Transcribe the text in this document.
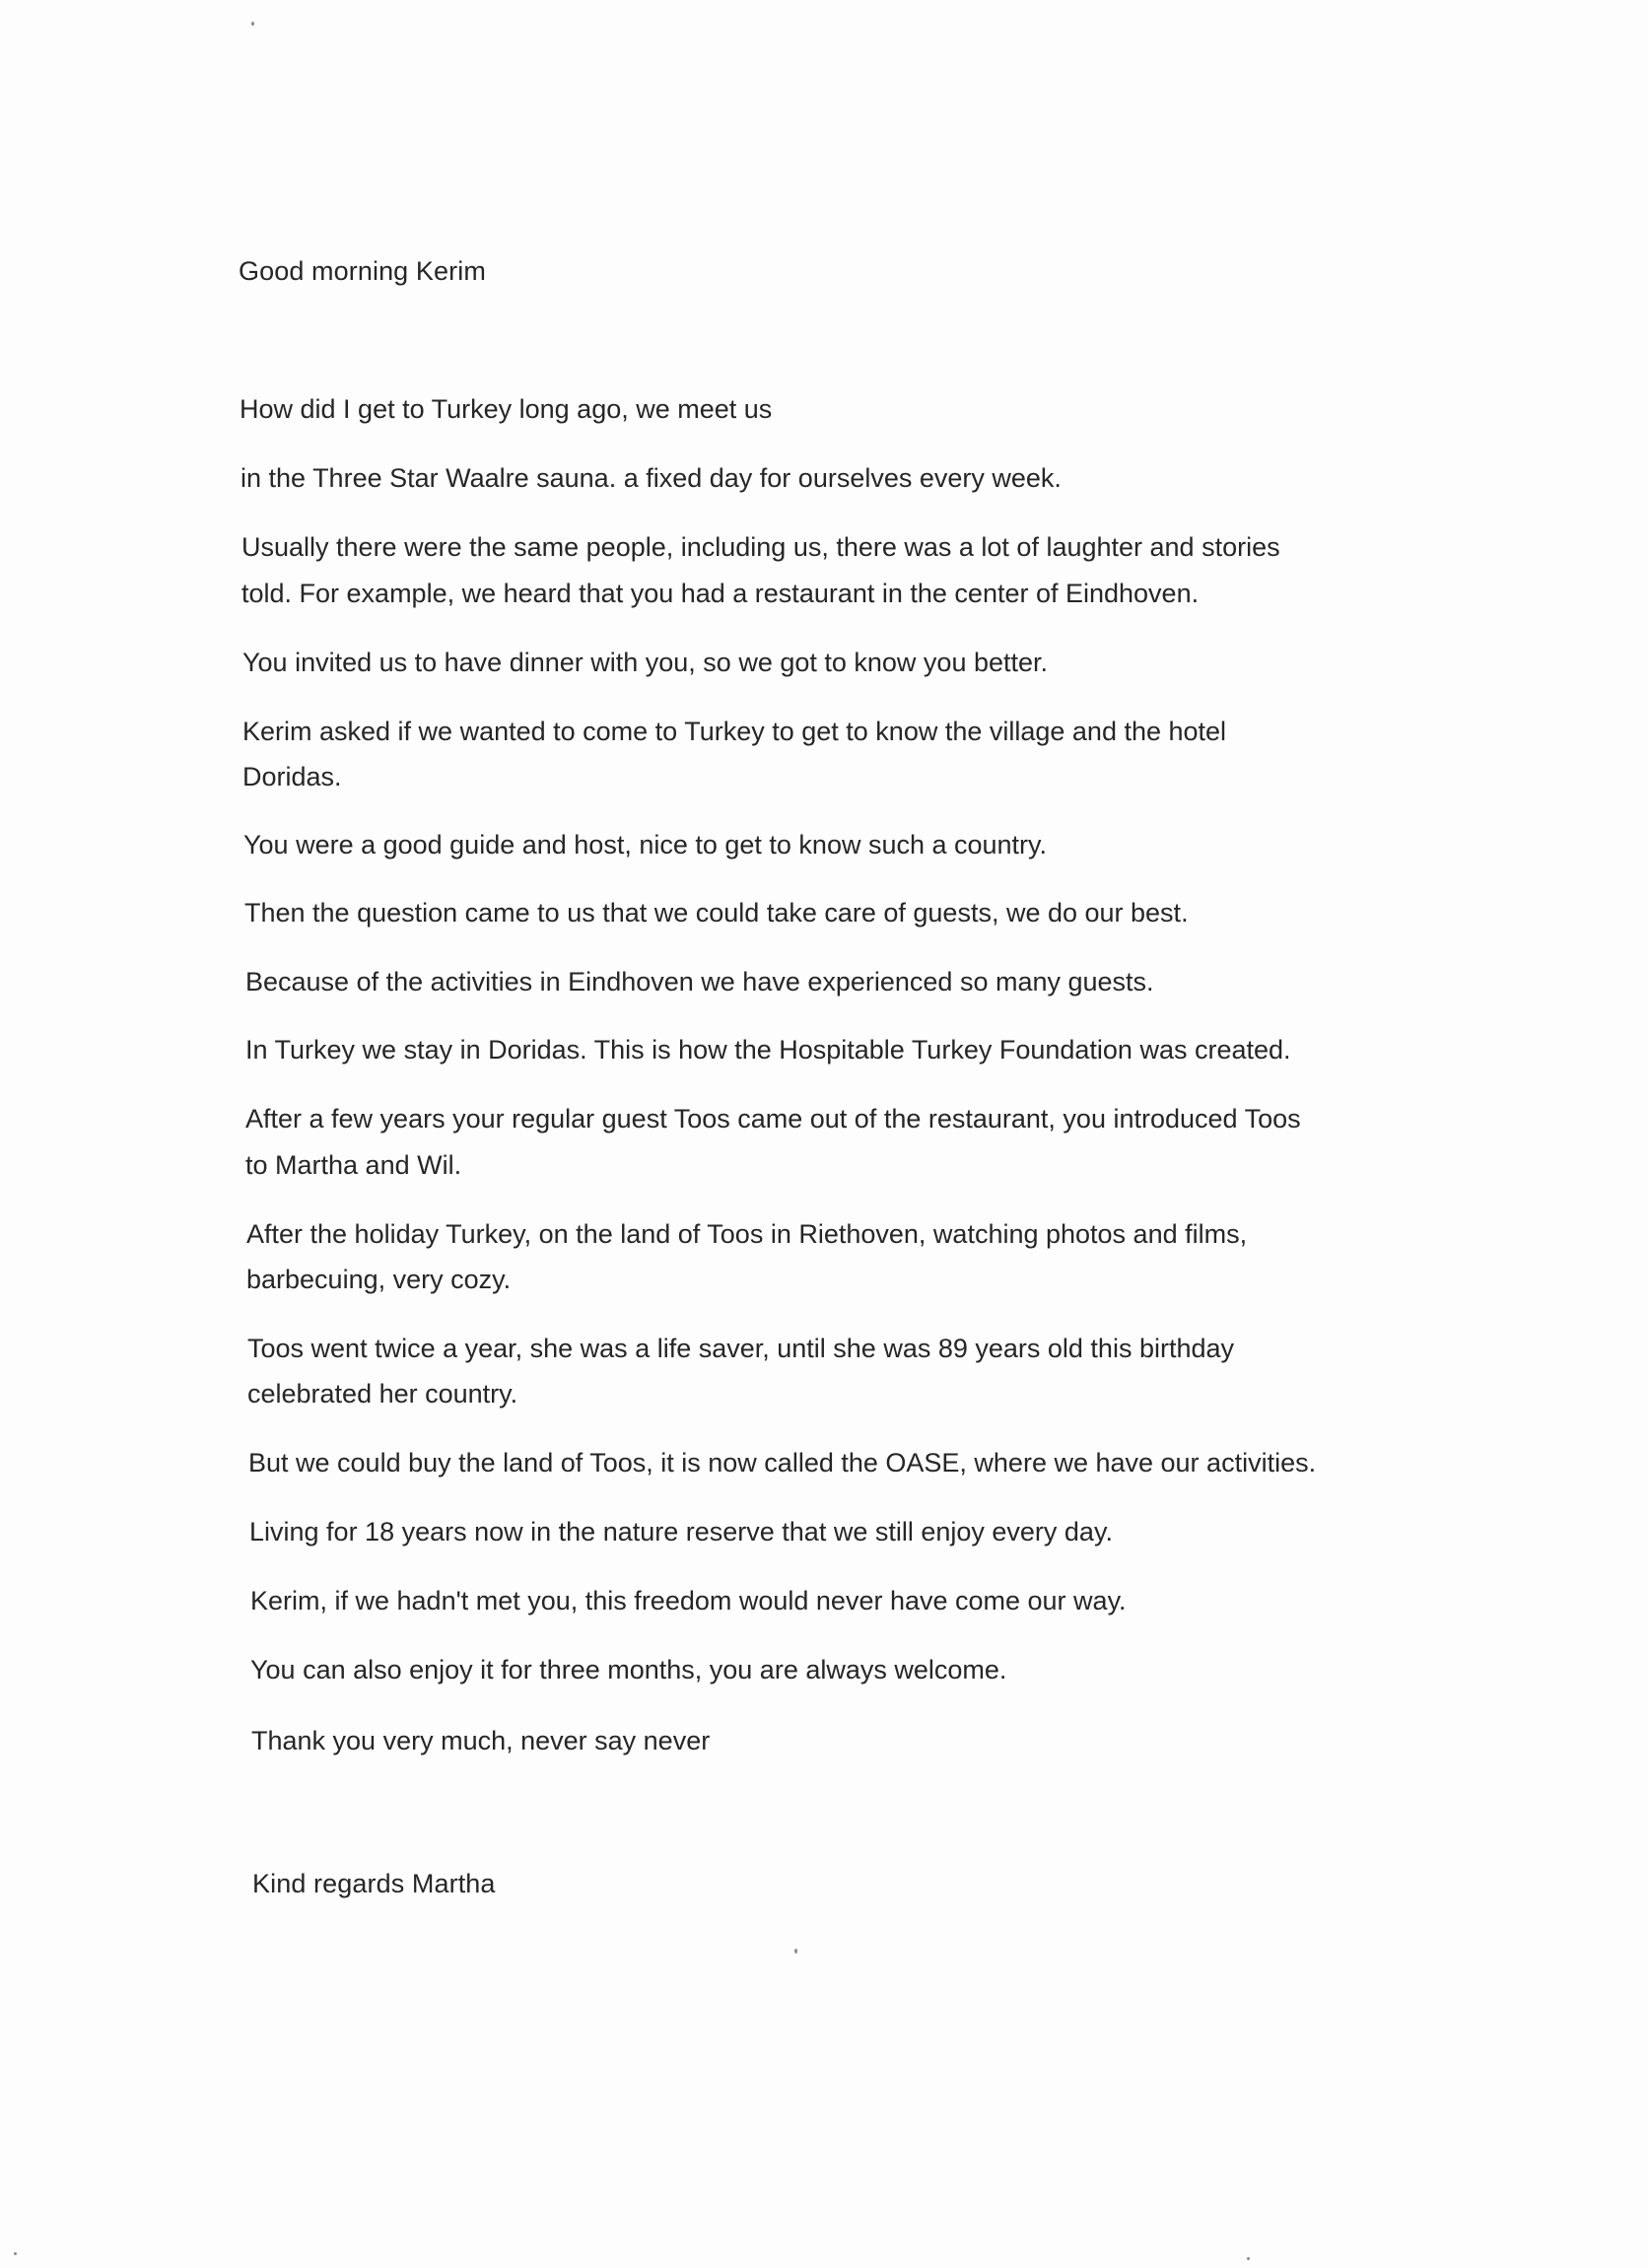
Good morning Kerim
How did I get to Turkey long ago, we meet us
in the Three Star Waalre sauna. a fixed day for ourselves every week.
Usually there were the same people, including us, there was a lot of laughter and stories
told. For example, we heard that you had a restaurant in the center of Eindhoven.
You invited us to have dinner with you, so we got to know you better.
Kerim asked if we wanted to come to Turkey to get to know the village and the hotel
Doridas.
You were a good guide and host, nice to get to know such a country.
Then the question came to us that we could take care of guests, we do our best.
Because of the activities in Eindhoven we have experienced so many guests.
In Turkey we stay in Doridas. This is how the Hospitable Turkey Foundation was created.
After a few years your regular guest Toos came out of the restaurant, you introduced Toos
to Martha and Wil.
After the holiday Turkey, on the land of Toos in Riethoven, watching photos and films,
barbecuing, very cozy.
Toos went twice a year, she was a life saver, until she was 89 years old this birthday
celebrated her country.
But we could buy the land of Toos, it is now called the OASE, where we have our activities.
Living for 18 years now in the nature reserve that we still enjoy every day.
Kerim, if we hadn't met you, this freedom would never have come our way.
You can also enjoy it for three months, you are always welcome.
Thank you very much, never say never
Kind regards Martha
